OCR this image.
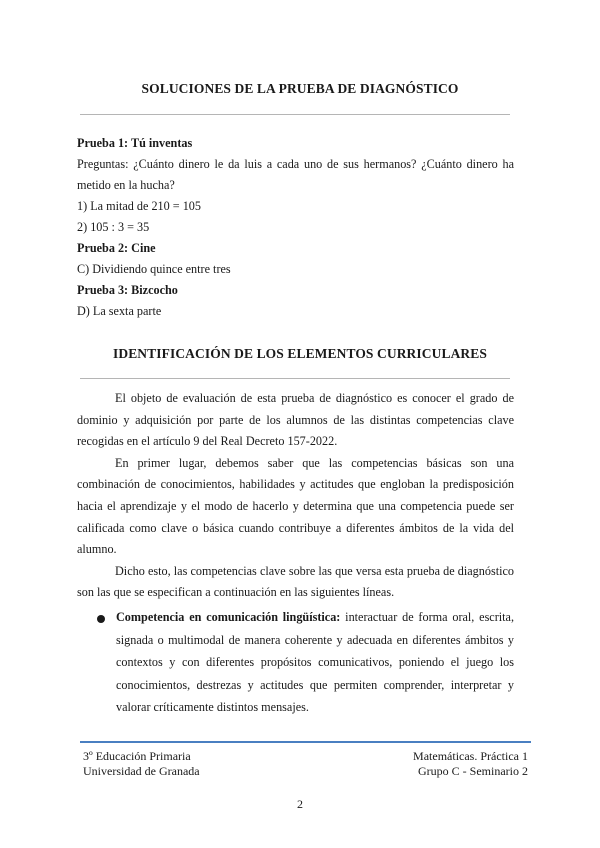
SOLUCIONES DE LA PRUEBA DE DIAGNÓSTICO
Prueba 1: Tú inventas
Preguntas: ¿Cuánto dinero le da luis a cada uno de sus hermanos? ¿Cuánto dinero ha
metido en la hucha?
1) La mitad de 210 = 105
2) 105 : 3 = 35
Prueba 2: Cine
C) Dividiendo quince entre tres
Prueba 3: Bizcocho
D) La sexta parte
IDENTIFICACIÓN DE LOS ELEMENTOS CURRICULARES

El objeto de evaluación de esta prueba de diagnóstico es conocer el grado de dominio y adquisición por parte de los alumnos de las distintas competencias clave recogidas en el artículo 9 del Real Decreto 157-2022.

En primer lugar, debemos saber que las competencias básicas son una combinación de conocimientos, habilidades y actitudes que engloban la predisposición hacia el aprendizaje y el modo de hacerlo y determina que una competencia puede ser calificada como clave o básica cuando contribuye a diferentes ámbitos de la vida del alumno.

Dicho esto, las competencias clave sobre las que versa esta prueba de diagnóstico son las que se especifican a continuación en las siguientes líneas.

Competencia en comunicación lingüística: interactuar de forma oral, escrita, signada o multimodal de manera coherente y adecuada en diferentes ámbitos y contextos y con diferentes propósitos comunicativos, poniendo el juego los conocimientos, destrezas y actitudes que permiten comprender, interpretar y valorar críticamente distintos mensajes.
3º Educación Primaria
Universidad de Granada
Matemáticas. Práctica 1
Grupo C - Seminario 2
2
